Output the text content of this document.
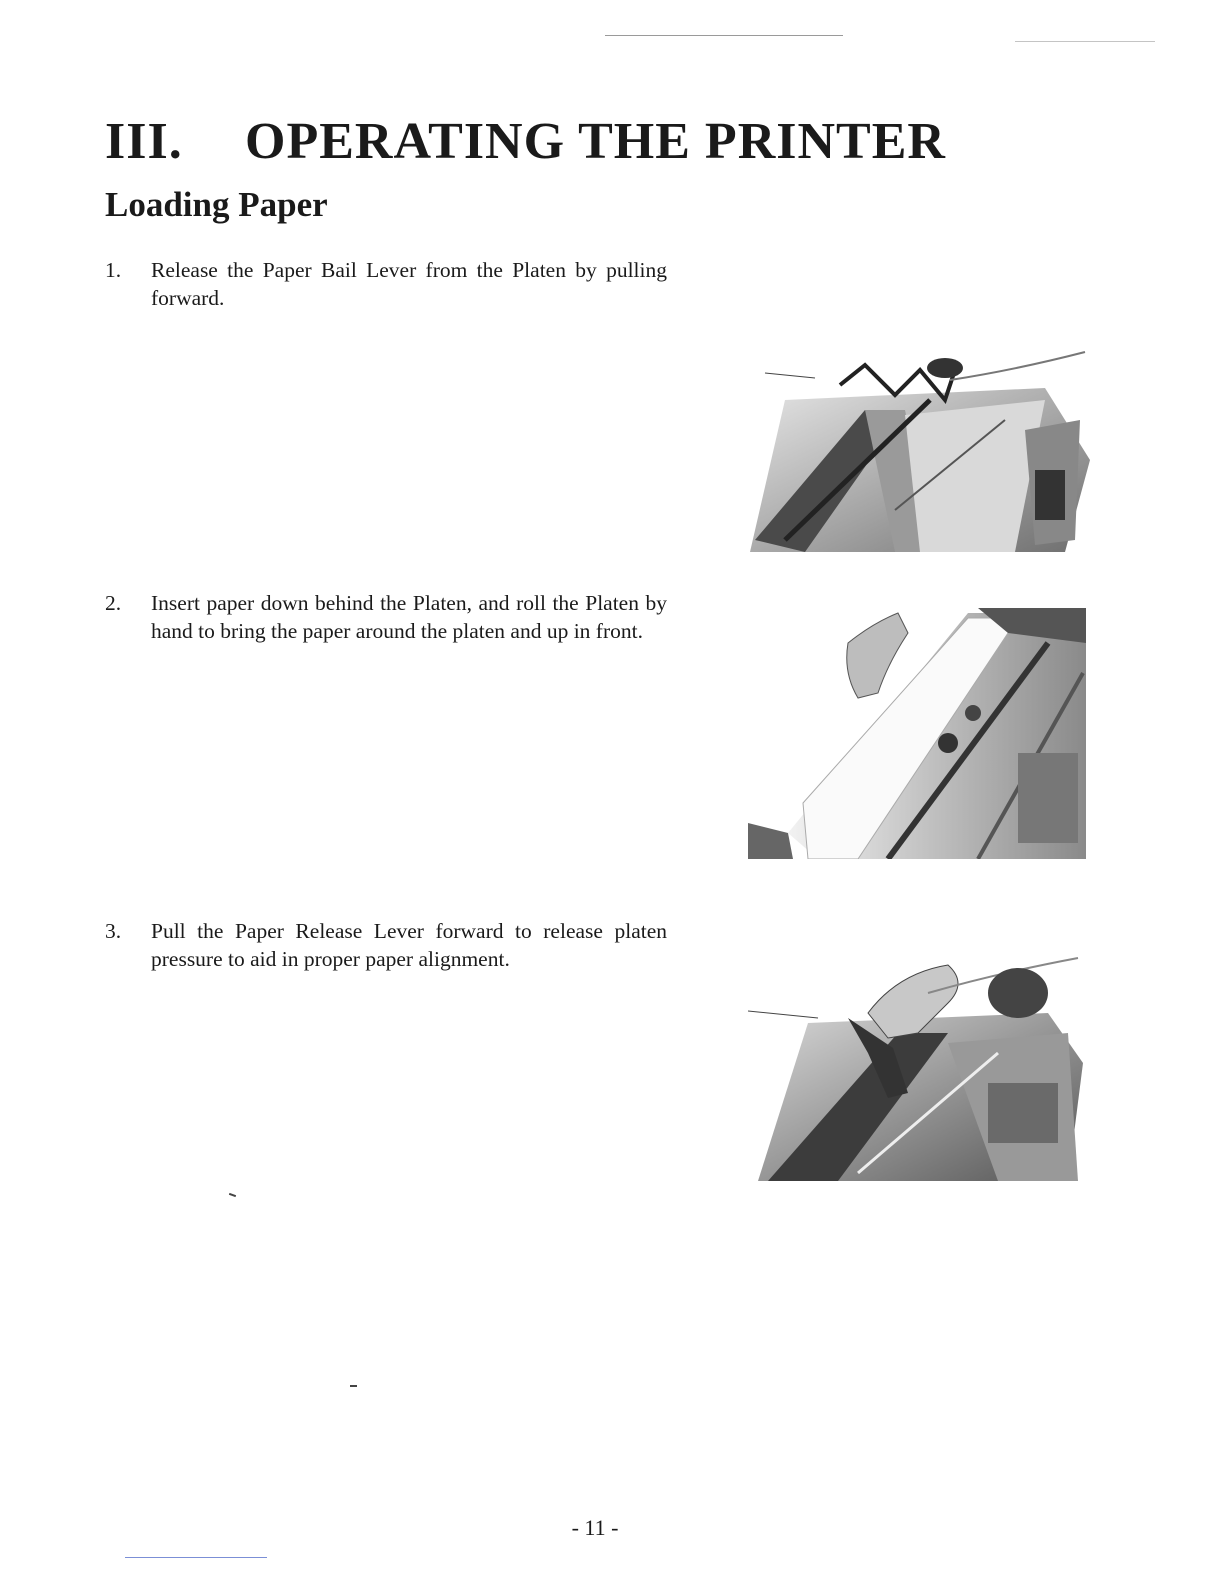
III. OPERATING THE PRINTER
Loading Paper
1.	Release the Paper Bail Lever from the Platen by pulling forward.
2.	Insert paper down behind the Platen, and roll the Platen by hand to bring the paper around the platen and up in front.
3.	Pull the Paper Release Lever forward to release platen pressure to aid in proper paper alignment.
- 11 -
